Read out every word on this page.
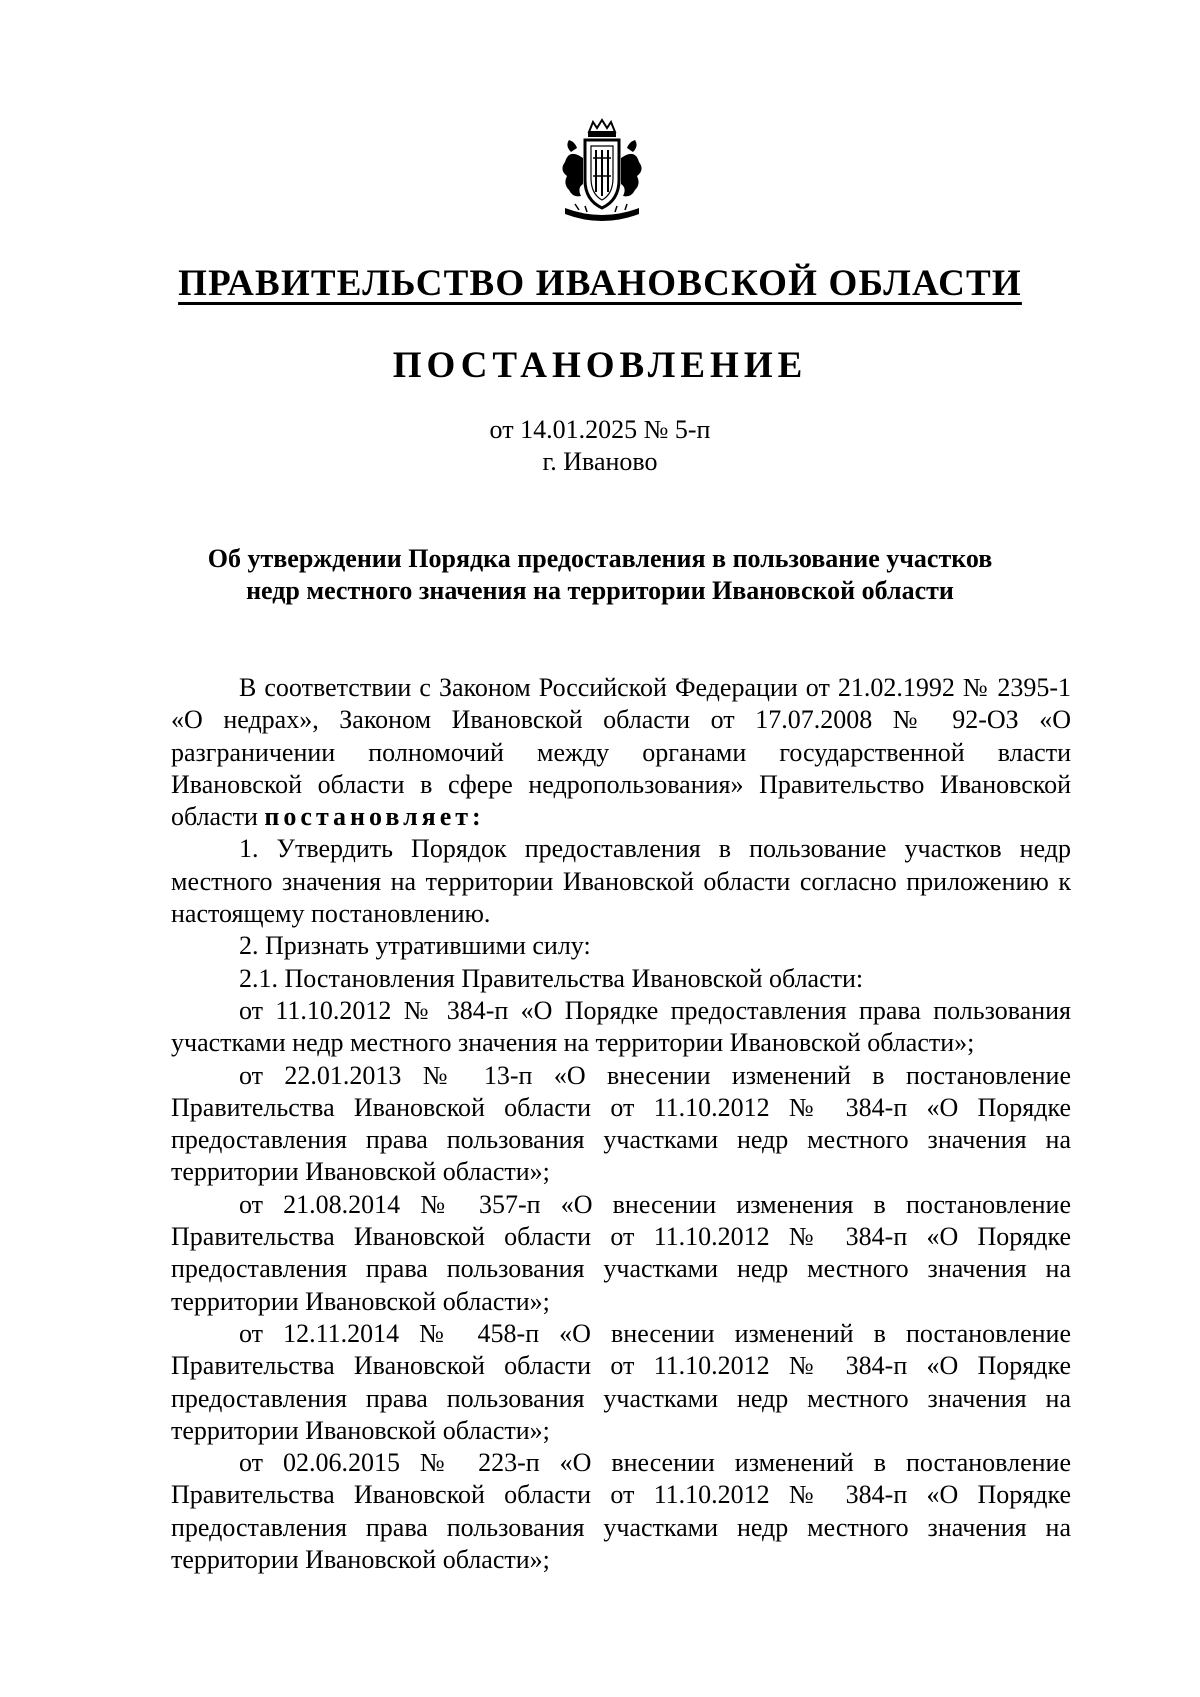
ПРАВИТЕЛЬСТВО ИВАНОВСКОЙ ОБЛАСТИ
ПОСТАНОВЛЕНИЕ
от 14.01.2025 № 5-п
г. Иваново
Об утверждении Порядка предоставления в пользование участков
недр местного значения на территории Ивановской области

В соответствии с Законом Российской Федерации от 21.02.1992 № 2395-1 «О недрах», Законом Ивановской области от 17.07.2008 № 92-ОЗ «О разграничении полномочий между органами государственной власти Ивановской области в сфере недропользования» Правительство Ивановской области постановляет:

1. Утвердить Порядок предоставления в пользование участков недр местного значения на территории Ивановской области согласно приложению к настоящему постановлению.

2. Признать утратившими силу:

2.1. Постановления Правительства Ивановской области:

от 11.10.2012 № 384-п «О Порядке предоставления права пользования участками недр местного значения на территории Ивановской области»;

от 22.01.2013 № 13-п «О внесении изменений в постановление Правительства Ивановской области от 11.10.2012 № 384-п «О Порядке предоставления права пользования участками недр местного значения на территории Ивановской области»;

от 21.08.2014 № 357-п «О внесении изменения в постановление Правительства Ивановской области от 11.10.2012 № 384-п «О Порядке предоставления права пользования участками недр местного значения на территории Ивановской области»;

от 12.11.2014 № 458-п «О внесении изменений в постановление Правительства Ивановской области от 11.10.2012 № 384-п «О Порядке предоставления права пользования участками недр местного значения на территории Ивановской области»;

от 02.06.2015 № 223-п «О внесении изменений в постановление Правительства Ивановской области от 11.10.2012 № 384-п «О Порядке предоставления права пользования участками недр местного значения на территории Ивановской области»;
